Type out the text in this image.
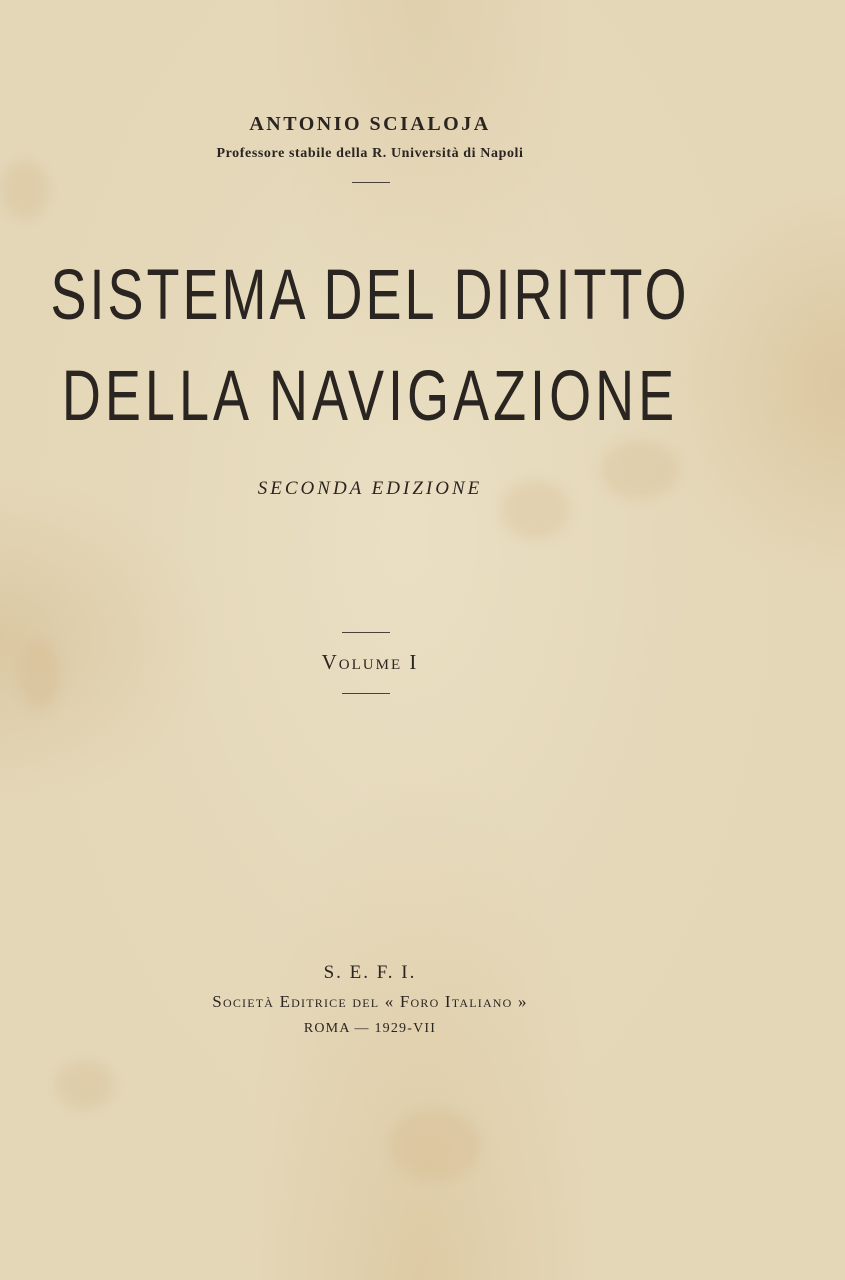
ANTONIO SCIALOJA
Professore stabile della R. Università di Napoli
SISTEMA DEL DIRITTO
DELLA NAVIGAZIONE
SECONDA EDIZIONE
Volume I
S. E. F. I.
Società Editrice del « Foro Italiano »
ROMA — 1929-VII
